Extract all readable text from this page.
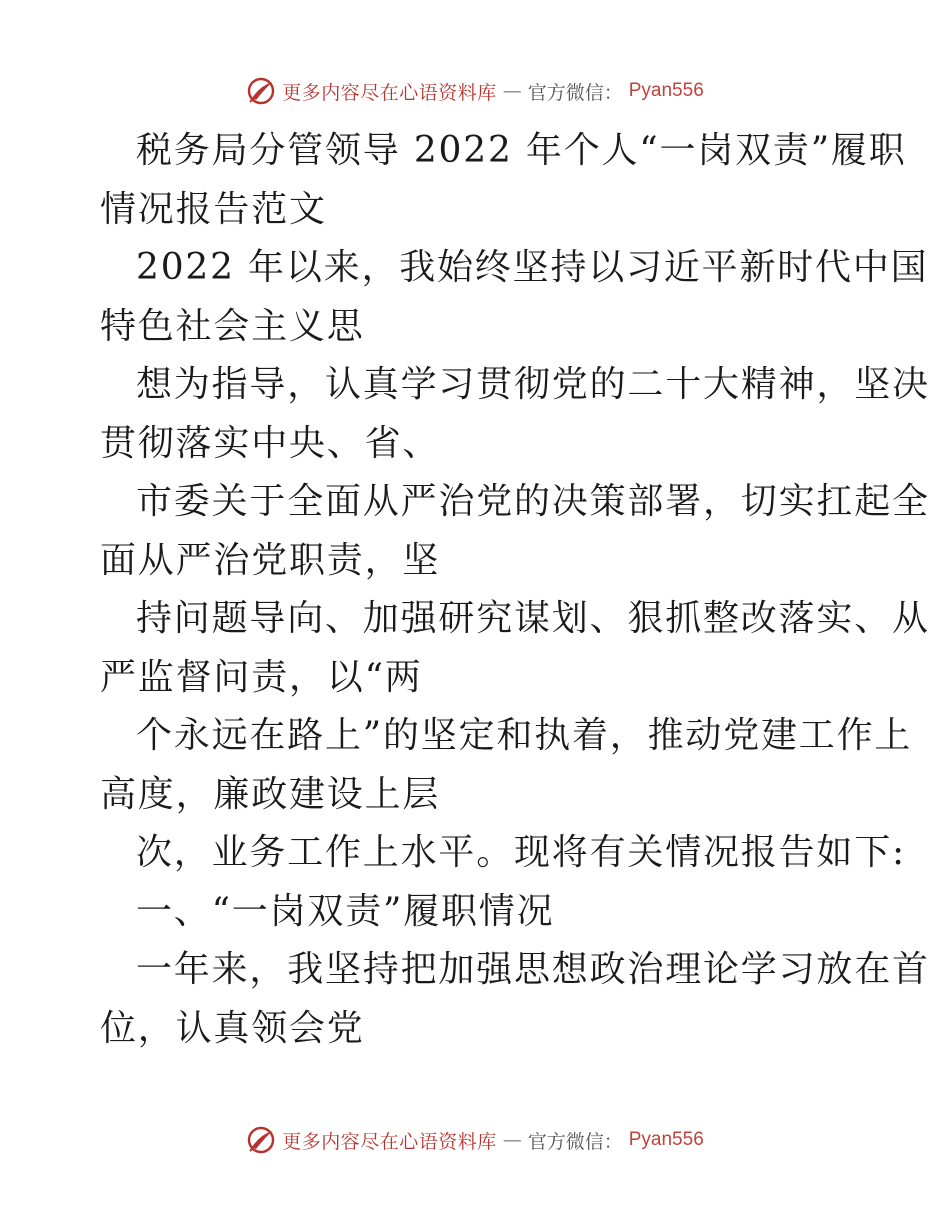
更多内容尽在心语资料库 — 官方微信： Pyan556
税务局分管领导 2022 年个人“一岗双责”履职
情况报告范文
2022 年以来，我始终坚持以习近平新时代中国
特色社会主义思
想为指导，认真学习贯彻党的二十大精神，坚决
贯彻落实中央、省、
市委关于全面从严治党的决策部署，切实扛起全
面从严治党职责，坚
持问题导向、加强研究谋划、狠抓整改落实、从
严监督问责，以“两
个永远在路上”的坚定和执着，推动党建工作上
高度，廉政建设上层
次，业务工作上水平。现将有关情况报告如下:
一、“一岗双责”履职情况
一年来，我坚持把加强思想政治理论学习放在首
位，认真领会党
更多内容尽在心语资料库 — 官方微信： Pyan556
